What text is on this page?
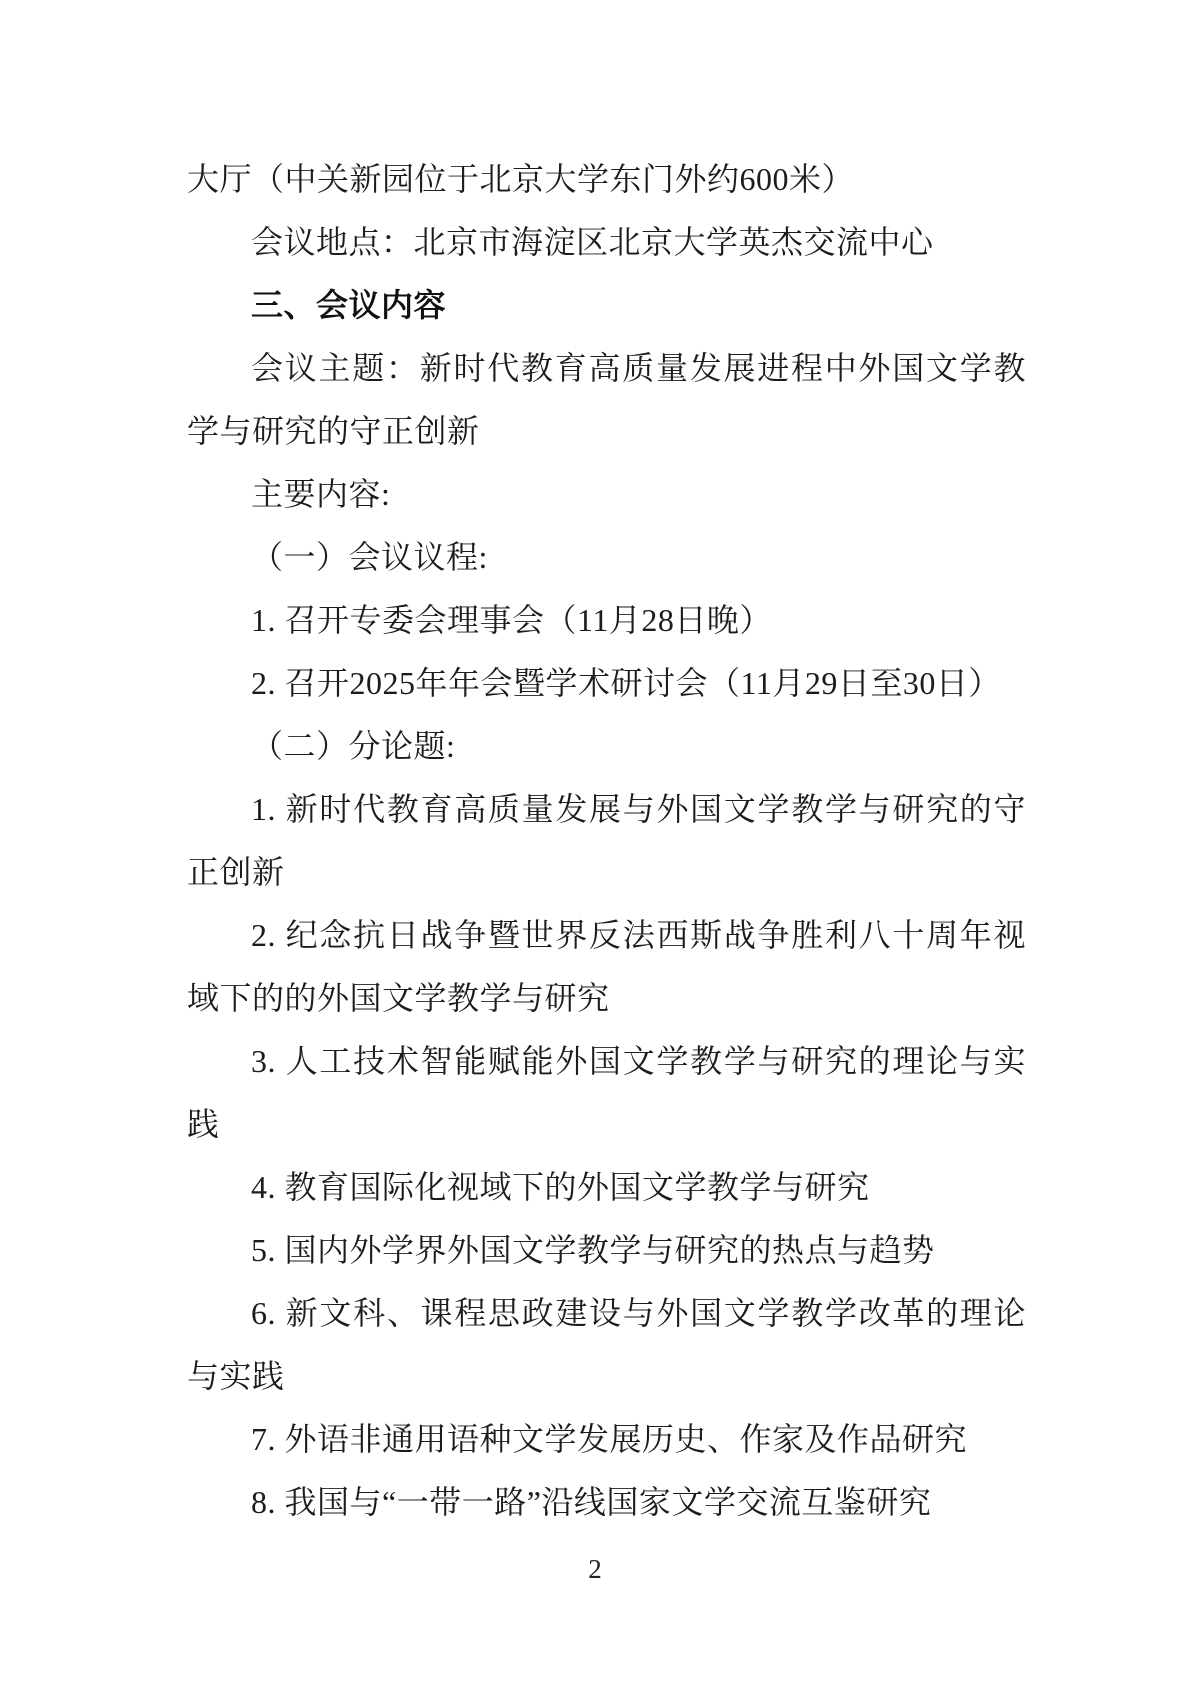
大厅（中关新园位于北京大学东门外约600米）

会议地点：北京市海淀区北京大学英杰交流中心

三、会议内容

会议主题：新时代教育高质量发展进程中外国文学教学与研究的守正创新

主要内容:

（一）会议议程:

1. 召开专委会理事会（11月28日晚）

2. 召开2025年年会暨学术研讨会（11月29日至30日）

（二）分论题:

1. 新时代教育高质量发展与外国文学教学与研究的守正创新

2. 纪念抗日战争暨世界反法西斯战争胜利八十周年视域下的的外国文学教学与研究

3. 人工技术智能赋能外国文学教学与研究的理论与实践

4. 教育国际化视域下的外国文学教学与研究

5. 国内外学界外国文学教学与研究的热点与趋势

6. 新文科、课程思政建设与外国文学教学改革的理论与实践

7. 外语非通用语种文学发展历史、作家及作品研究

8. 我国与“一带一路”沿线国家文学交流互鉴研究

2
